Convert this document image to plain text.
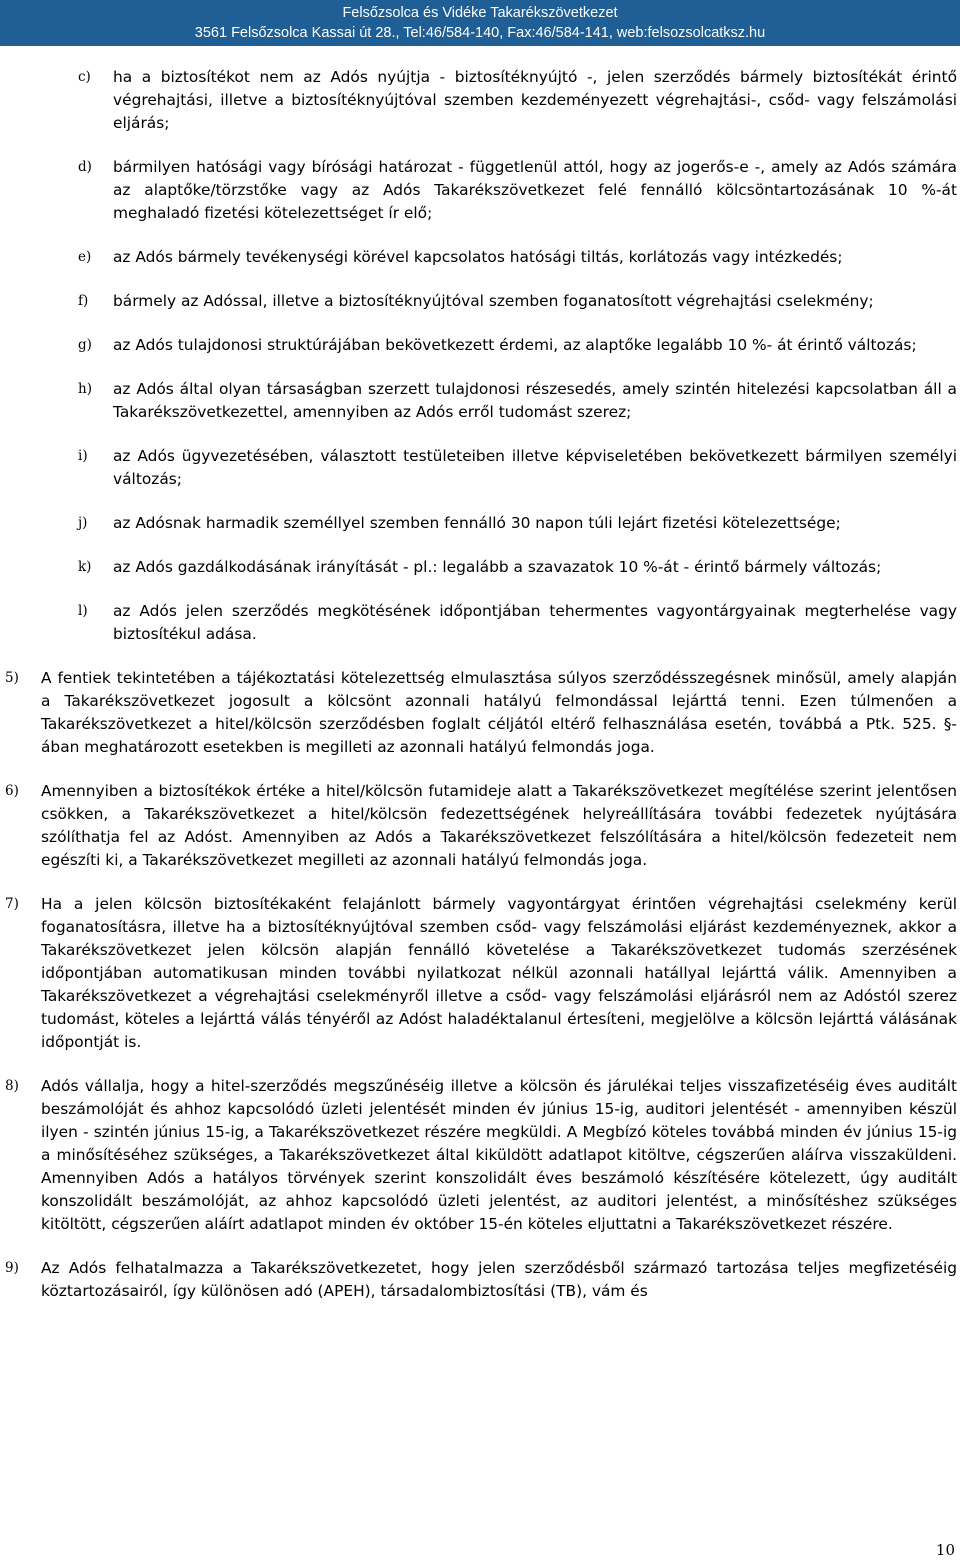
Felsőzsolca és Vidéke Takarékszövetkezet
3561 Felsőzsolca Kassai út 28., Tel:46/584-140, Fax:46/584-141, web:felsozsolcatksz.hu
c)	ha a biztosítékot nem az Adós nyújtja - biztosítéknyújtó -, jelen szerződés bármely biztosítékát érintő végrehajtási, illetve a biztosítéknyújtóval szemben kezdeményezett végrehajtási-, csőd- vagy felszámolási eljárás;
d)	bármilyen hatósági vagy bírósági határozat - függetlenül attól, hogy az jogerős-e -, amely az Adós számára az alaptőke/törzstőke vagy az Adós Takarékszövetkezet felé fennálló kölcsöntartozásának 10 %-át meghaladó fizetési kötelezettséget ír elő;
e)	az Adós bármely tevékenységi körével kapcsolatos hatósági tiltás, korlátozás vagy intézkedés;
f)	bármely az Adóssal, illetve a biztosítéknyújtóval szemben foganatosított végrehajtási cselekmény;
g)	az Adós tulajdonosi struktúrájában bekövetkezett érdemi, az alaptőke legalább 10 %- át érintő változás;
h)	az Adós által olyan társaságban szerzett tulajdonosi részesedés, amely szintén hitelezési kapcsolatban áll a Takarékszövetkezettel, amennyiben az Adós erről tudomást szerez;
i)	az Adós ügyvezetésében, választott testületeiben illetve képviseletében bekövetkezett bármilyen személyi változás;
j)	az Adósnak harmadik személlyel szemben fennálló 30 napon túli lejárt fizetési kötelezettsége;
k)	az Adós gazdálkodásának irányítását - pl.: legalább a szavazatok 10 %-át - érintő bármely változás;
l)	az Adós jelen szerződés megkötésének időpontjában tehermentes vagyontárgyainak megterhelése vagy biztosítékul adása.
5)	A fentiek tekintetében a tájékoztatási kötelezettség elmulasztása súlyos szerződésszegésnek minősül, amely alapján a Takarékszövetkezet jogosult a kölcsönt azonnali hatályú felmondással lejárttá tenni. Ezen túlmenően a Takarékszövetkezet a hitel/kölcsön szerződésben foglalt céljától eltérő felhasználása esetén, továbbá a Ptk. 525. §-ában meghatározott esetekben is megilleti az azonnali hatályú felmondás joga.
6)	Amennyiben a biztosítékok értéke a hitel/kölcsön futamideje alatt a Takarékszövetkezet megítélése szerint jelentősen csökken, a Takarékszövetkezet a hitel/kölcsön fedezettségének helyreállítására további fedezetek nyújtására szólíthatja fel az Adóst. Amennyiben az Adós a Takarékszövetkezet felszólítására a hitel/kölcsön fedezeteit nem egészíti ki, a Takarékszövetkezet megilleti az azonnali hatályú felmondás joga.
7)	Ha a jelen kölcsön biztosítékaként felajánlott bármely vagyontárgyat érintően végrehajtási cselekmény kerül foganatosításra, illetve ha a biztosítéknyújtóval szemben csőd- vagy felszámolási eljárást kezdeményeznek, akkor a Takarékszövetkezet jelen kölcsön alapján fennálló követelése a Takarékszövetkezet tudomás szerzésének időpontjában automatikusan minden további nyilatkozat nélkül azonnali hatállyal lejárttá válik. Amennyiben a Takarékszövetkezet a végrehajtási cselekményről illetve a csőd- vagy felszámolási eljárásról nem az Adóstól szerez tudomást, köteles a lejárttá válás tényéről az Adóst haladéktalanul értesíteni, megjelölve a kölcsön lejárttá válásának időpontját is.
8)	Adós vállalja, hogy a hitel-szerződés megszűnéséig illetve a kölcsön és járulékai teljes visszafizetéséig éves auditált beszámolóját és ahhoz kapcsolódó üzleti jelentését minden év június 15-ig, auditori jelentését - amennyiben készül ilyen - szintén június 15-ig, a Takarékszövetkezet részére megküldi. A Megbízó köteles továbbá minden év június 15-ig a minősítéséhez szükséges, a Takarékszövetkezet által kiküldött adatlapot kitöltve, cégszerűen aláírva visszaküldeni. Amennyiben Adós a hatályos törvények szerint konszolidált éves beszámoló készítésére kötelezett, úgy auditált konszolidált beszámolóját, az ahhoz kapcsolódó üzleti jelentést, az auditori jelentést, a minősítéshez szükséges kitöltött, cégszerűen aláírt adatlapot minden év október 15-én köteles eljuttatni a Takarékszövetkezet részére.
9)	Az Adós felhatalmazza a Takarékszövetkezetet, hogy jelen szerződésből származó tartozása teljes megfizetéséig köztartozásairól, így különösen adó (APEH), társadalombiztosítási (TB), vám és
10
